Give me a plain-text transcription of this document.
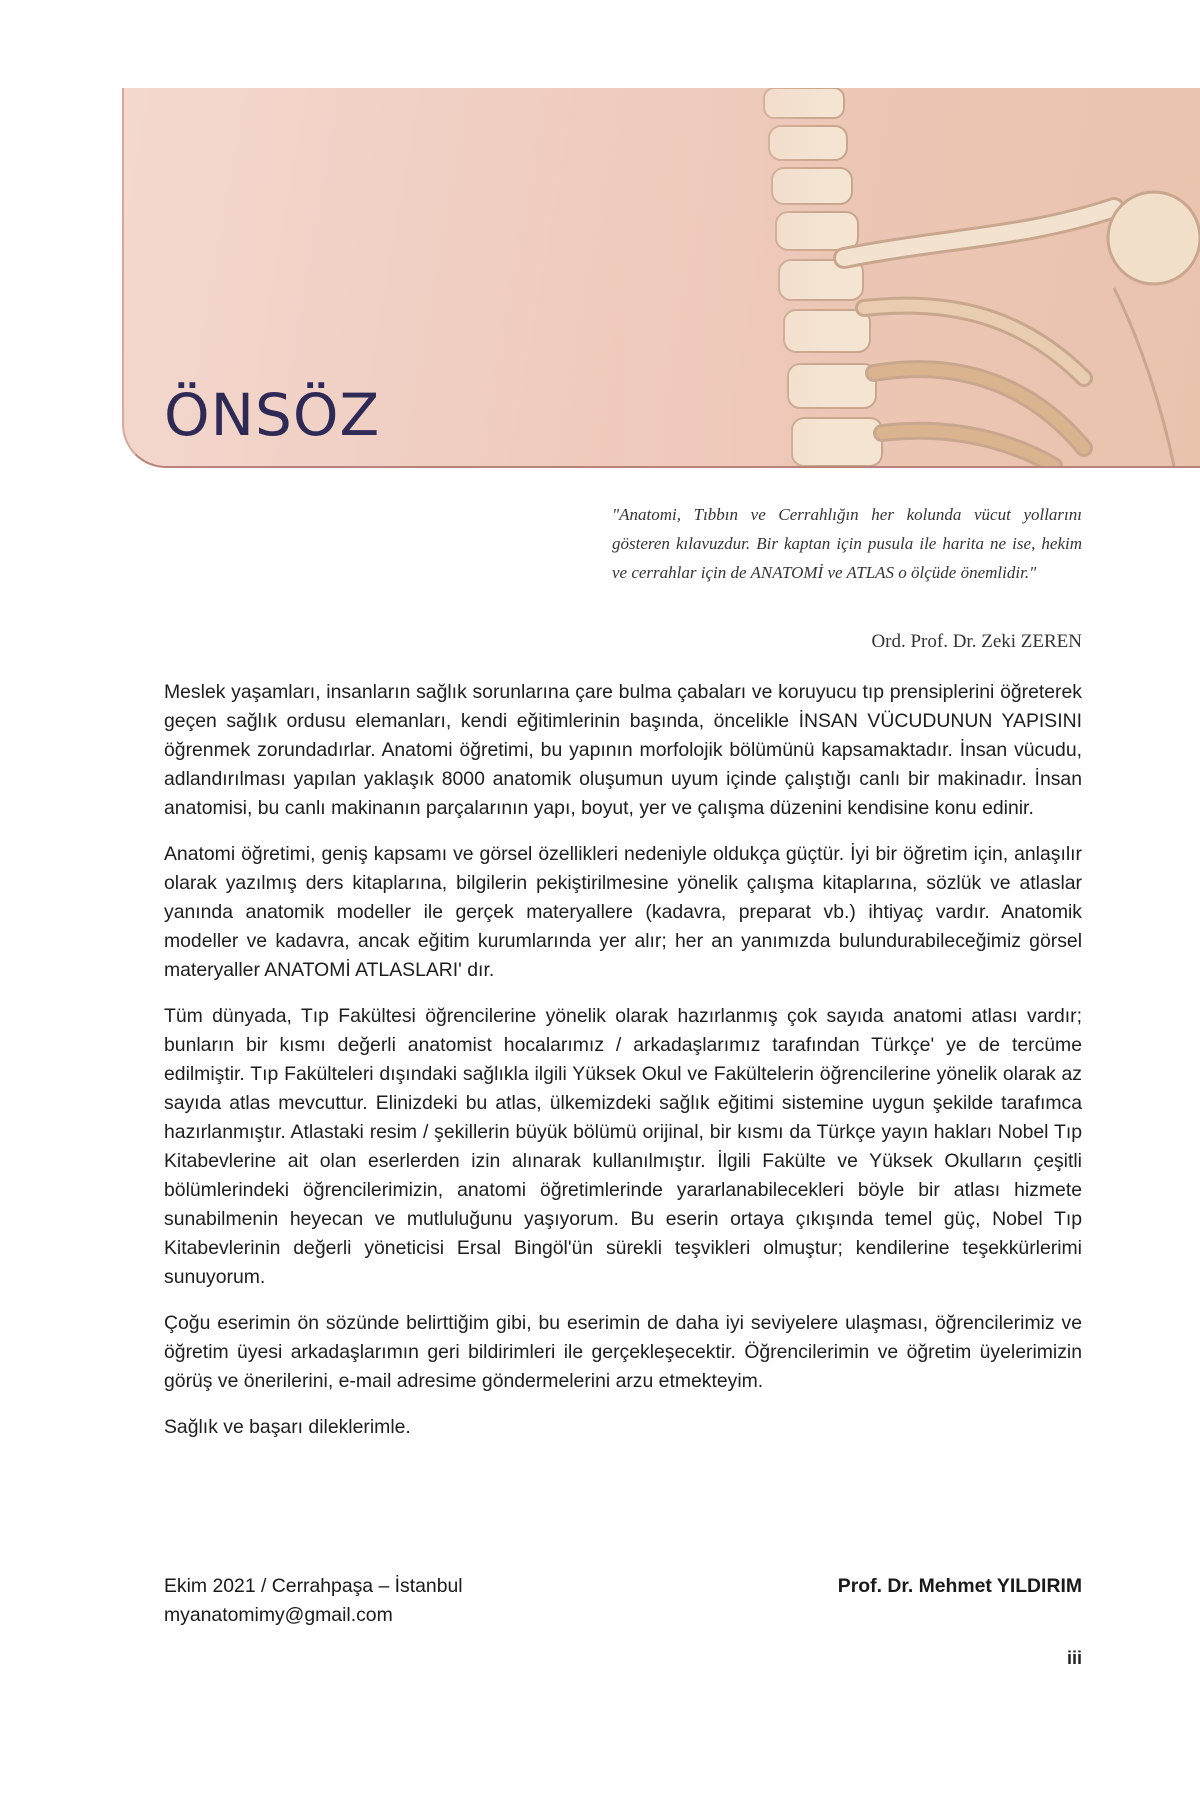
ÖNSÖZ
"Anatomi, Tıbbın ve Cerrahlığın her kolunda vücut yollarını gösteren kılavuzdur. Bir kaptan için pusula ile harita ne ise, hekim ve cerrahlar için de ANATOMİ ve ATLAS o ölçüde önemlidir."
Ord. Prof. Dr. Zeki ZEREN

Meslek yaşamları, insanların sağlık sorunlarına çare bulma çabaları ve koruyucu tıp prensiplerini öğreterek geçen sağlık ordusu elemanları, kendi eğitimlerinin başında, öncelikle İNSAN VÜCUDUNUN YAPISINI öğrenmek zorundadırlar. Anatomi öğretimi, bu yapının morfolojik bölümünü kapsamaktadır. İnsan vücudu, adlandırılması yapılan yaklaşık 8000 anatomik oluşumun uyum içinde çalıştığı canlı bir makinadır. İnsan anatomisi, bu canlı makinanın parçalarının yapı, boyut, yer ve çalışma düzenini kendisine konu edinir.

Anatomi öğretimi, geniş kapsamı ve görsel özellikleri nedeniyle oldukça güçtür. İyi bir öğretim için, anlaşılır olarak yazılmış ders kitaplarına, bilgilerin pekiştirilmesine yönelik çalışma kitaplarına, sözlük ve atlaslar yanında anatomik modeller ile gerçek materyallere (kadavra, preparat vb.) ihtiyaç vardır. Anatomik modeller ve kadavra, ancak eğitim kurumlarında yer alır; her an yanımızda bulundurabileceğimiz görsel materyaller ANATOMİ ATLASLARI' dır.

Tüm dünyada, Tıp Fakültesi öğrencilerine yönelik olarak hazırlanmış çok sayıda anatomi atlası vardır; bunların bir kısmı değerli anatomist hocalarımız / arkadaşlarımız tarafından Türkçe' ye de tercüme edilmiştir. Tıp Fakülteleri dışındaki sağlıkla ilgili Yüksek Okul ve Fakültelerin öğrencilerine yönelik olarak az sayıda atlas mevcuttur. Elinizdeki bu atlas, ülkemizdeki sağlık eğitimi sistemine uygun şekilde tarafımca hazırlanmıştır. Atlastaki resim / şekillerin büyük bölümü orijinal, bir kısmı da Türkçe yayın hakları Nobel Tıp Kitabevlerine ait olan eserlerden izin alınarak kullanılmıştır. İlgili Fakülte ve Yüksek Okulların çeşitli bölümlerindeki öğrencilerimizin, anatomi öğretimlerinde yararlanabilecekleri böyle bir atlası hizmete sunabilmenin heyecan ve mutluluğunu yaşıyorum. Bu eserin ortaya çıkışında temel güç, Nobel Tıp Kitabevlerinin değerli yöneticisi Ersal Bingöl'ün sürekli teşvikleri olmuştur; kendilerine teşekkürlerimi sunuyorum.

Çoğu eserimin ön sözünde belirttiğim gibi, bu eserimin de daha iyi seviyelere ulaşması, öğrencilerimiz ve öğretim üyesi arkadaşlarımın geri bildirimleri ile gerçekleşecektir. Öğrencilerimin ve öğretim üyelerimizin görüş ve önerilerini, e-mail adresime göndermelerini arzu etmekteyim.

Sağlık ve başarı dileklerimle.

Ekim 2021 / Cerrahpaşa – İstanbul
myanatomimy@gmail.com
Prof. Dr. Mehmet YILDIRIM
iii
